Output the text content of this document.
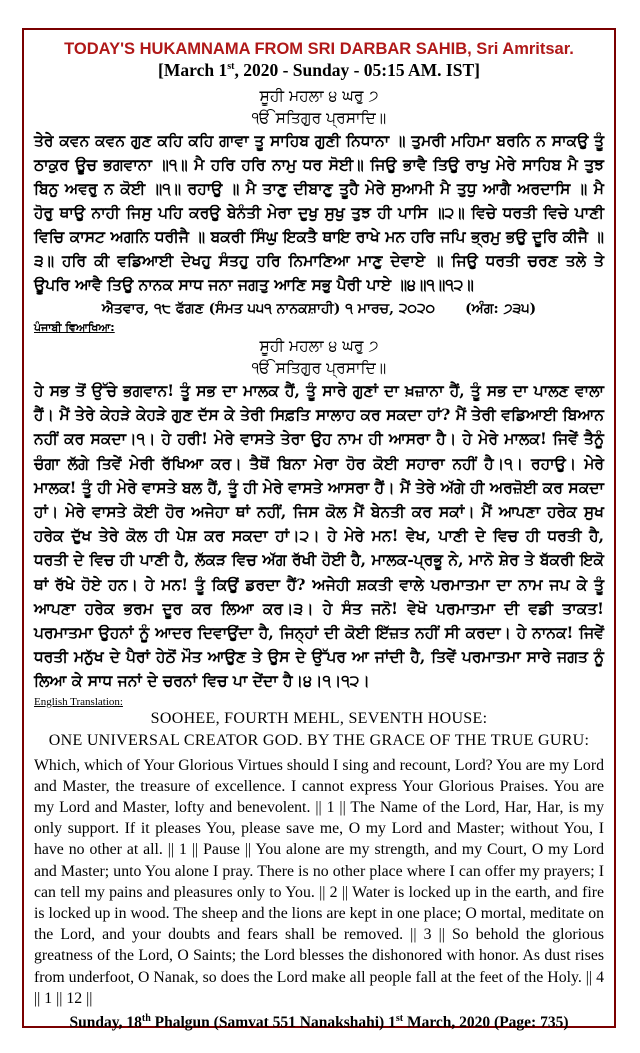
TODAY'S HUKAMNAMA FROM SRI DARBAR SAHIB, Sri Amritsar.
[March 1st, 2020 - Sunday - 05:15 AM. IST]
ਸੂਹੀ ਮਹਲਾ ੪ ਘਰੁ ੭
ੴ ਸਤਿਗੁਰ ਪ੍ਰਸਾਦਿ॥
ਤੇਰੇ ਕਵਨ ਕਵਨ ਗੁਣ ਕਹਿ ਕਹਿ ਗਾਵਾ ਤੂ ਸਾਹਿਬ ਗੁਣੀ ਨਿਧਾਨਾ ॥ ਤੁਮਰੀ ਮਹਿਮਾ ਬਰਨਿ ਨ ਸਾਕਉ ਤੂੰ ਠਾਕੁਰ ਊਚ ਭਗਵਾਨਾ ॥੧॥ ਮੈ ਹਰਿ ਹਰਿ ਨਾਮੁ ਧਰ ਸੋਈ॥ ਜਿਉ ਭਾਵੈ ਤਿਉ ਰਾਖੁ ਮੇਰੇ ਸਾਹਿਬ ਮੈ ਤੁਝ ਬਿਨੁ ਅਵਰੁ ਨ ਕੋਈ ॥੧॥ ਰਹਾਉ ॥ ਮੈ ਤਾਣੁ ਦੀਬਾਣੁ ਤੂਹੈ ਮੇਰੇ ਸੁਆਮੀ ਮੈ ਤੁਧੁ ਆਗੈ ਅਰਦਾਸਿ ॥ ਮੈ ਹੋਰੁ ਥਾਉ ਨਾਹੀ ਜਿਸੁ ਪਹਿ ਕਰਉ ਬੇਨੰਤੀ ਮੇਰਾ ਦੁਖੁ ਸੁਖੁ ਤੁਝ ਹੀ ਪਾਸਿ ॥੨॥ ਵਿਚੇ ਧਰਤੀ ਵਿਚੇ ਪਾਣੀ ਵਿਚਿ ਕਾਸਟ ਅਗਨਿ ਧਰੀਜੈ ॥ ਬਕਰੀ ਸਿੰਘੁ ਇਕਤੈ ਥਾਇ ਰਾਖੇ ਮਨ ਹਰਿ ਜਪਿ ਭ੍ਰਮੁ ਭਉ ਦੂਰਿ ਕੀਜੈ ॥੩॥ ਹਰਿ ਕੀ ਵਡਿਆਈ ਦੇਖਹੁ ਸੰਤਹੁ ਹਰਿ ਨਿਮਾਣਿਆ ਮਾਣੁ ਦੇਵਾਏ ॥ ਜਿਉ ਧਰਤੀ ਚਰਣ ਤਲੇ ਤੇ ਊਪਰਿ ਆਵੈ ਤਿਉ ਨਾਨਕ ਸਾਧ ਜਨਾ ਜਗਤੁ ਆਣਿ ਸਭੁ ਪੈਰੀ ਪਾਏ ॥੪॥੧॥੧੨॥
ਐਤਵਾਰ, ੧੮ ਫੱਗਣ (ਸੰਮਤ ੫੫੧ ਨਾਨਕਸ਼ਾਹੀ) ੧ ਮਾਰਚ, ੨੦੨੦ (ਅੰਗ: ੭੩੫)
ਪੰਜਾਬੀ ਵਿਆਖਿਆ:
ਸੂਹੀ ਮਹਲਾ ੪ ਘਰੁ ੭
ੴ ਸਤਿਗੁਰ ਪ੍ਰਸਾਦਿ॥
ਹੇ ਸਭ ਤੋਂ ਉੱਚੇ ਭਗਵਾਨ! ਤੂੰ ਸਭ ਦਾ ਮਾਲਕ ਹੈਂ, ਤੂੰ ਸਾਰੇ ਗੁਣਾਂ ਦਾ ਖ਼ਜ਼ਾਨਾ ਹੈਂ, ਤੂੰ ਸਭ ਦਾ ਪਾਲਣ ਵਾਲਾ ਹੈਂ। ਮੈਂ ਤੇਰੇ ਕੇਹੜੇ ਕੇਹੜੇ ਗੁਣ ਦੱਸ ਕੇ ਤੇਰੀ ਸਿਫ਼ਤਿ ਸਾਲਾਹ ਕਰ ਸਕਦਾ ਹਾਂ? ਮੈਂ ਤੇਰੀ ਵਡਿਆਈ ਬਿਆਨ ਨਹੀਂ ਕਰ ਸਕਦਾ।੧। ਹੇ ਹਰੀ! ਮੇਰੇ ਵਾਸਤੇ ਤੇਰਾ ਉਹ ਨਾਮ ਹੀ ਆਸਰਾ ਹੈ। ਹੇ ਮੇਰੇ ਮਾਲਕ! ਜਿਵੇਂ ਤੈਨੂੰ ਚੰਗਾ ਲੱਗੇ ਤਿਵੇਂ ਮੇਰੀ ਰੱਖਿਆ ਕਰ। ਤੈਥੋਂ ਬਿਨਾ ਮੇਰਾ ਹੋਰ ਕੋਈ ਸਹਾਰਾ ਨਹੀਂ ਹੈ।੧। ਰਹਾਉ। ਮੇਰੇ ਮਾਲਕ! ਤੂੰ ਹੀ ਮੇਰੇ ਵਾਸਤੇ ਬਲ ਹੈਂ, ਤੂੰ ਹੀ ਮੇਰੇ ਵਾਸਤੇ ਆਸਰਾ ਹੈਂ। ਮੈਂ ਤੇਰੇ ਅੱਗੇ ਹੀ ਅਰਜ਼ੋਈ ਕਰ ਸਕਦਾ ਹਾਂ। ਮੇਰੇ ਵਾਸਤੇ ਕੋਈ ਹੋਰ ਅਜੇਹਾ ਥਾਂ ਨਹੀਂ, ਜਿਸ ਕੋਲ ਮੈਂ ਬੇਨਤੀ ਕਰ ਸਕਾਂ। ਮੈਂ ਆਪਣਾ ਹਰੇਕ ਸੁਖ ਹਰੇਕ ਦੁੱਖ ਤੇਰੇ ਕੋਲ ਹੀ ਪੇਸ਼ ਕਰ ਸਕਦਾ ਹਾਂ।੨। ਹੇ ਮੇਰੇ ਮਨ! ਵੇਖ, ਪਾਣੀ ਦੇ ਵਿਚ ਹੀ ਧਰਤੀ ਹੈ, ਧਰਤੀ ਦੇ ਵਿਚ ਹੀ ਪਾਣੀ ਹੈ, ਲੱਕੜ ਵਿਚ ਅੱਗ ਰੱਖੀ ਹੋਈ ਹੈ, ਮਾਲਕ-ਪ੍ਰਭੂ ਨੇ, ਮਾਨੋ ਸ਼ੇਰ ਤੇ ਬੱਕਰੀ ਇਕੋ ਥਾਂ ਰੱਖੇ ਹੋਏ ਹਨ। ਹੇ ਮਨ! ਤੂੰ ਕਿਉਂ ਡਰਦਾ ਹੈਂ? ਅਜੇਹੀ ਸ਼ਕਤੀ ਵਾਲੇ ਪਰਮਾਤਮਾ ਦਾ ਨਾਮ ਜਪ ਕੇ ਤੂੰ ਆਪਣਾ ਹਰੇਕ ਭਰਮ ਦੂਰ ਕਰ ਲਿਆ ਕਰ।੩। ਹੇ ਸੰਤ ਜਨੋ! ਵੇਖੋ ਪਰਮਾਤਮਾ ਦੀ ਵਡੀ ਤਾਕਤ! ਪਰਮਾਤਮਾ ਉਹਨਾਂ ਨੂੰ ਆਦਰ ਦਿਵਾਉਂਦਾ ਹੈ, ਜਿਨ੍ਹਾਂ ਦੀ ਕੋਈ ਇੱਜ਼ਤ ਨਹੀਂ ਸੀ ਕਰਦਾ। ਹੇ ਨਾਨਕ! ਜਿਵੇਂ ਧਰਤੀ ਮਨੁੱਖ ਦੇ ਪੈਰਾਂ ਹੇਠੋਂ ਮੌਤ ਆਉਣ ਤੇ ਉਸ ਦੇ ਉੱਪਰ ਆ ਜਾਂਦੀ ਹੈ, ਤਿਵੇਂ ਪਰਮਾਤਮਾ ਸਾਰੇ ਜਗਤ ਨੂੰ ਲਿਆ ਕੇ ਸਾਧ ਜਨਾਂ ਦੇ ਚਰਨਾਂ ਵਿਚ ਪਾ ਦੇਂਦਾ ਹੈ।੪।੧।੧੨।
English Translation:
SOOHEE, FOURTH MEHL, SEVENTH HOUSE:
ONE UNIVERSAL CREATOR GOD. BY THE GRACE OF THE TRUE GURU:
Which, which of Your Glorious Virtues should I sing and recount, Lord? You are my Lord and Master, the treasure of excellence. I cannot express Your Glorious Praises. You are my Lord and Master, lofty and benevolent. || 1 || The Name of the Lord, Har, Har, is my only support. If it pleases You, please save me, O my Lord and Master; without You, I have no other at all. || 1 || Pause || You alone are my strength, and my Court, O my Lord and Master; unto You alone I pray. There is no other place where I can offer my prayers; I can tell my pains and pleasures only to You. || 2 || Water is locked up in the earth, and fire is locked up in wood. The sheep and the lions are kept in one place; O mortal, meditate on the Lord, and your doubts and fears shall be removed. || 3 || So behold the glorious greatness of the Lord, O Saints; the Lord blesses the dishonored with honor. As dust rises from underfoot, O Nanak, so does the Lord make all people fall at the feet of the Holy. || 4 || 1 || 12 ||
Sunday, 18th Phalgun (Samvat 551 Nanakshahi) 1st March, 2020 (Page: 735)
